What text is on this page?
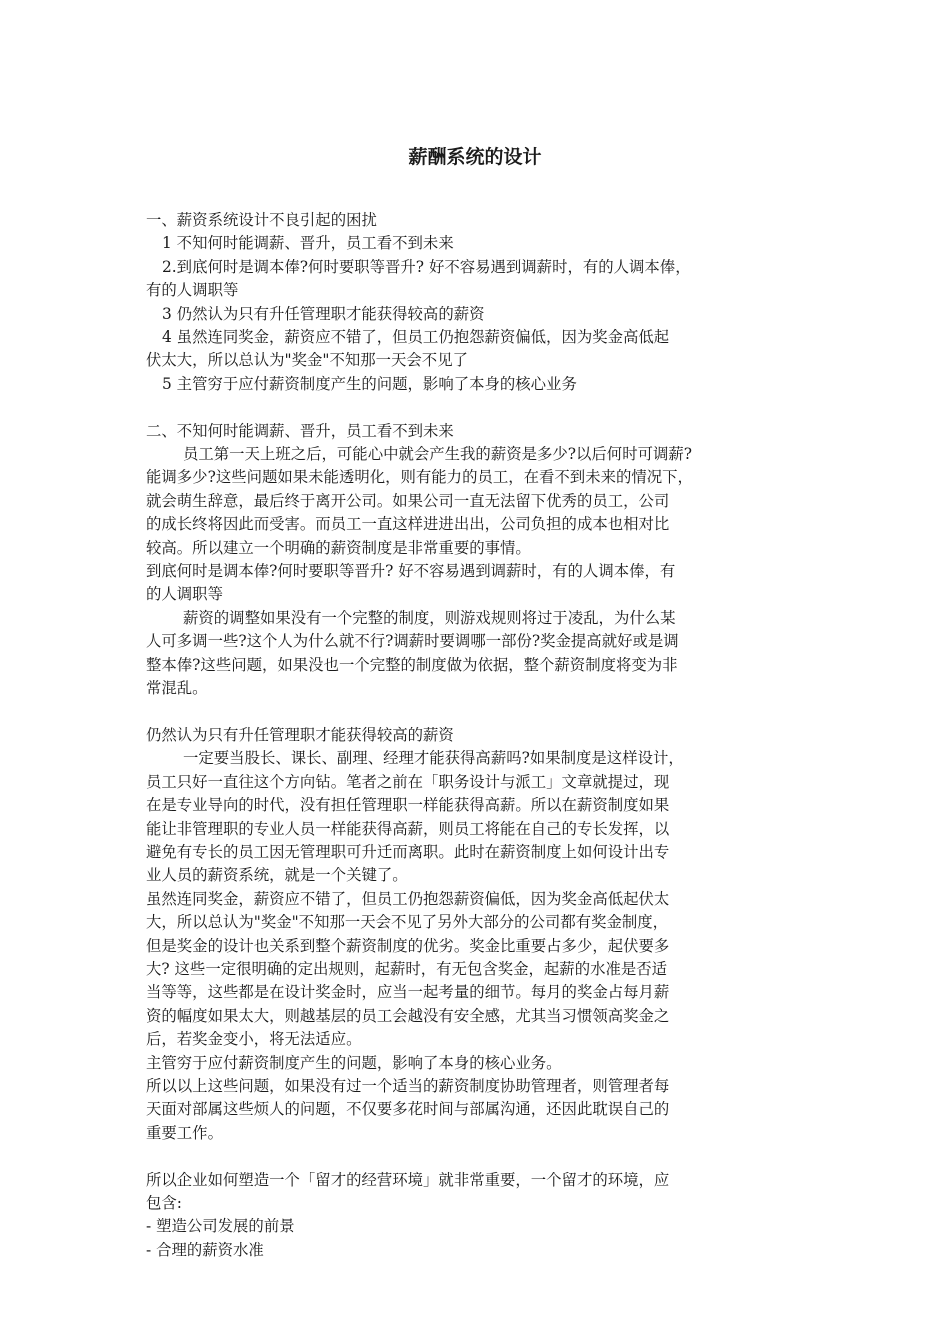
薪酬系统的设计

一、薪资系统设计不良引起的困扰

1 不知何时能调薪、晋升，员工看不到未来

2.到底何时是调本俸?何时要职等晋升? 好不容易遇到调薪时，有的人调本俸，

有的人调职等

3 仍然认为只有升任管理职才能获得较高的薪资

4 虽然连同奖金，薪资应不错了，但员工仍抱怨薪资偏低，因为奖金高低起

伏太大，所以总认为"奖金"不知那一天会不见了

5 主管穷于应付薪资制度产生的问题，影响了本身的核心业务

二、不知何时能调薪、晋升，员工看不到未来

员工第一天上班之后，可能心中就会产生我的薪资是多少?以后何时可调薪?

能调多少?这些问题如果未能透明化，则有能力的员工，在看不到未来的情况下，

就会萌生辞意，最后终于离开公司。如果公司一直无法留下优秀的员工，公司

的成长终将因此而受害。而员工一直这样进进出出，公司负担的成本也相对比

较高。所以建立一个明确的薪资制度是非常重要的事情。

到底何时是调本俸?何时要职等晋升? 好不容易遇到调薪时，有的人调本俸，有

的人调职等

薪资的调整如果没有一个完整的制度，则游戏规则将过于凌乱，为什么某

人可多调一些?这个人为什么就不行?调薪时要调哪一部份?奖金提高就好或是调

整本俸?这些问题，如果没也一个完整的制度做为依据，整个薪资制度将变为非

常混乱。

仍然认为只有升任管理职才能获得较高的薪资

一定要当股长、课长、副理、经理才能获得高薪吗?如果制度是这样设计，

员工只好一直往这个方向钻。笔者之前在「职务设计与派工」文章就提过，现

在是专业导向的时代，没有担任管理职一样能获得高薪。所以在薪资制度如果

能让非管理职的专业人员一样能获得高薪，则员工将能在自己的专长发挥，以

避免有专长的员工因无管理职可升迁而离职。此时在薪资制度上如何设计出专

业人员的薪资系统，就是一个关键了。

虽然连同奖金，薪资应不错了，但员工仍抱怨薪资偏低，因为奖金高低起伏太

大，所以总认为"奖金"不知那一天会不见了另外大部分的公司都有奖金制度，

但是奖金的设计也关系到整个薪资制度的优劣。奖金比重要占多少，起伏要多

大? 这些一定很明确的定出规则，起薪时，有无包含奖金，起薪的水准是否适

当等等，这些都是在设计奖金时，应当一起考量的细节。每月的奖金占每月薪

资的幅度如果太大，则越基层的员工会越没有安全感，尤其当习惯领高奖金之

后，若奖金变小，将无法适应。

主管穷于应付薪资制度产生的问题，影响了本身的核心业务。

所以以上这些问题，如果没有过一个适当的薪资制度协助管理者，则管理者每

天面对部属这些烦人的问题，不仅要多花时间与部属沟通，还因此耽误自己的

重要工作。

所以企业如何塑造一个「留才的经营环境」就非常重要，一个留才的环境，应

包含:

- 塑造公司发展的前景

- 合理的薪资水准
